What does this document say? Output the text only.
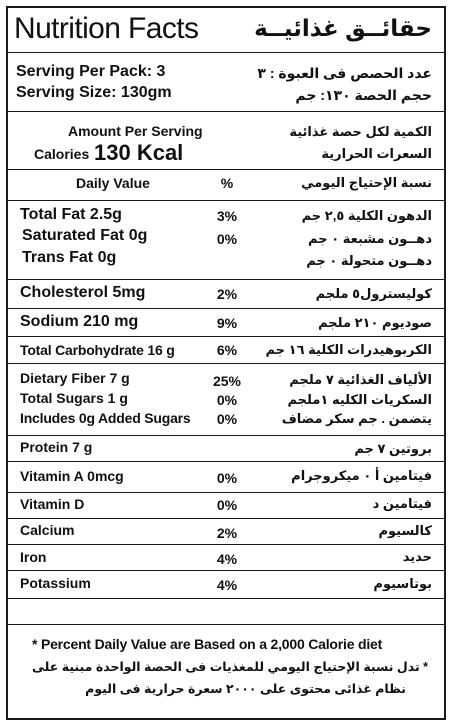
Nutrition Facts حقائــق غذائيــة
Serving Per Pack: 3	عدد الحصص فى العبوة : ٣
Serving Size: 130gm	حجم الحصة ١٣٠: جم
Amount Per Serving	الكمية لكل حصة غذائية
Calories 130 Kcal	السعرات الحرارية
Daily Value	%	نسبة الإحتياج اليومي
Total Fat 2.5g	3%	الدهون الكلية ٢,٥ جم
Saturated Fat 0g	0%	دهــون مشبعة ٠ جم
Trans Fat 0g	دهــون متحولة ٠ جم
Cholesterol 5mg	2%	كوليسترول٥ ملجم
Sodium 210 mg	9%	صوديوم ٢١٠ ملجم
Total Carbohydrate 16 g	6%	الكربوهيدرات الكلية ١٦ جم
Dietary Fiber 7 g	25%	الألياف الغذائية ٧ ملجم
Total Sugars 1 g	0%	السكريات الكليه ١ملجم
Includes 0g Added Sugars	0%	يتضمن . جم سكر مضاف
Protein 7 g	بروتين ٧ جم
Vitamin A 0mcg	0%	فيتامين أ ٠ ميكروجرام
Vitamin D	0%	فيتامين د
Calcium	2%	كالسيوم
Iron	4%	حديد
Potassium	4%	بوتاسيوم
* Percent Daily Value are Based on a 2,000 Calorie diet
* تدل نسبة الإحتياج اليومي للمغذيات فى الحصة الواحدة مبنية على
نظام غذائى محتوى على ٢٠٠٠ سعرة حرارية فى اليوم
